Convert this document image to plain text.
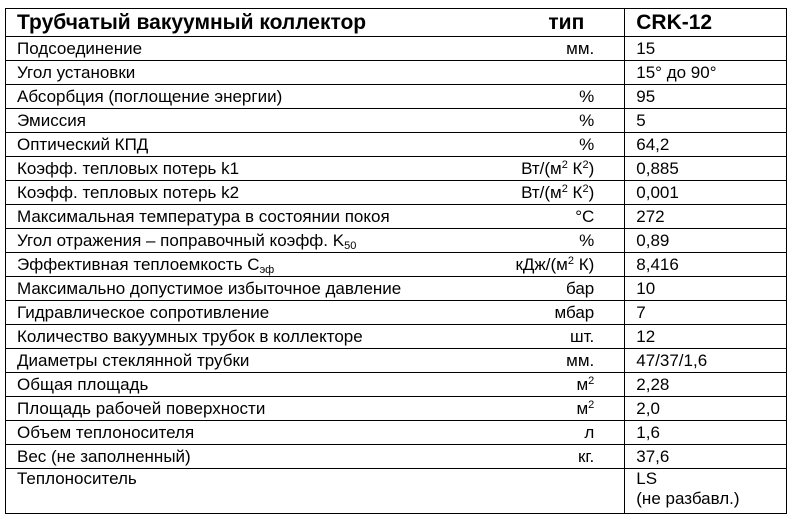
Трубчатый вакуумный коллектор	тип	CRK-12
Подсоединение	мм.	15
Угол установки		15° до 90°
Абсорбция (поглощение энергии)	%	95
Эмиссия	%	5
Оптический КПД	%	64,2
Коэфф. тепловых потерь k1	$Вт/(м^2$ $К^2$)	0,885
Коэфф. тепловых потерь k2	$Вт/(м^2$ $К^2$)	0,001
Максимальная температура в состоянии покоя	°C	272
Угол отражения – поправочный коэфф. $K_{50}$	%	0,89
Эффективная теплоемкость $C_{эф}$	кДж/($м^2$ К)	8,416
Максимально допустимое избыточное давление	бар	10
Гидравлическое сопротивление	мбар	7
Количество вакуумных трубок в коллекторе	шт.	12
Диаметры стеклянной трубки	мм.	47/37/1,6
Общая площадь	$м^2$	2,28
Площадь рабочей поверхности	$м^2$	2,0
Объем теплоносителя	л	1,6
Вес (не заполненный)	кг.	37,6
Теплоноситель		LS
(не разбавл.)
